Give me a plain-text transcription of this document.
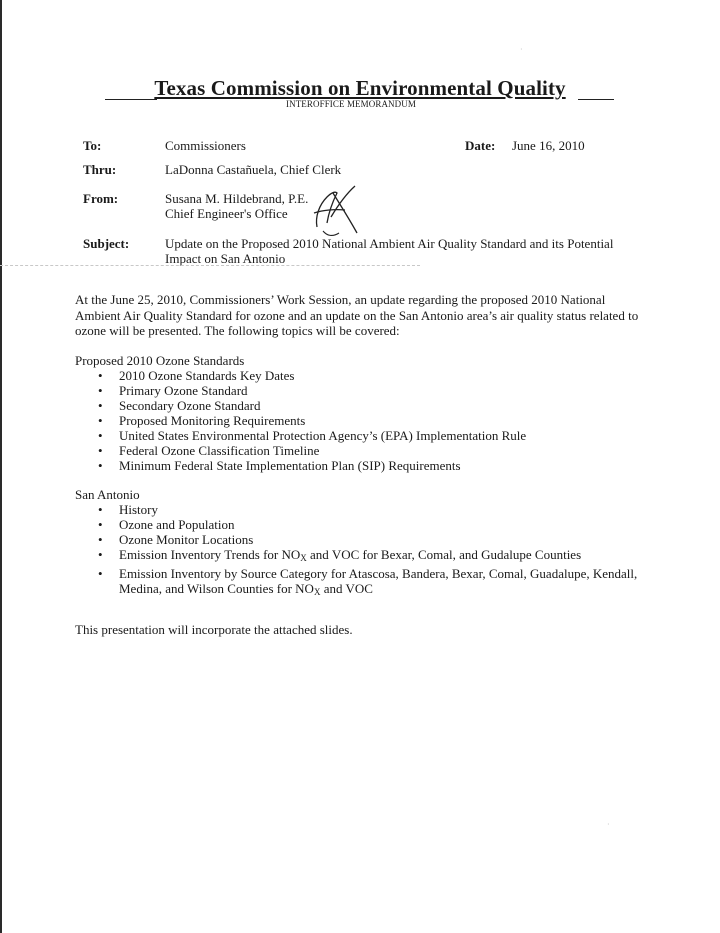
Texas Commission on Environmental Quality
INTEROFFICE MEMORANDUM
To:	Commissioners	Date: June 16, 2010
Thru:	LaDonna Castañuela, Chief Clerk
From:	Susana M. Hildebrand, P.E.
Chief Engineer's Office
Subject:	Update on the Proposed 2010 National Ambient Air Quality Standard and its Potential
Impact on San Antonio
At the June 25, 2010, Commissioners’ Work Session, an update regarding the proposed 2010 National Ambient Air Quality Standard for ozone and an update on the San Antonio area’s air quality status related to ozone will be presented. The following topics will be covered:

Proposed 2010 Ozone Standards

• 2010 Ozone Standards Key Dates
• Primary Ozone Standard
• Secondary Ozone Standard
• Proposed Monitoring Requirements
• United States Environmental Protection Agency’s (EPA) Implementation Rule
• Federal Ozone Classification Timeline
• Minimum Federal State Implementation Plan (SIP) Requirements

San Antonio

• History
• Ozone and Population
• Ozone Monitor Locations
• Emission Inventory Trends for NOX and VOC for Bexar, Comal, and Gudalupe Counties
• Emission Inventory by Source Category for Atascosa, Bandera, Bexar, Comal, Guadalupe, Kendall, Medina, and Wilson Counties for NOX and VOC
This presentation will incorporate the attached slides.
·
·
